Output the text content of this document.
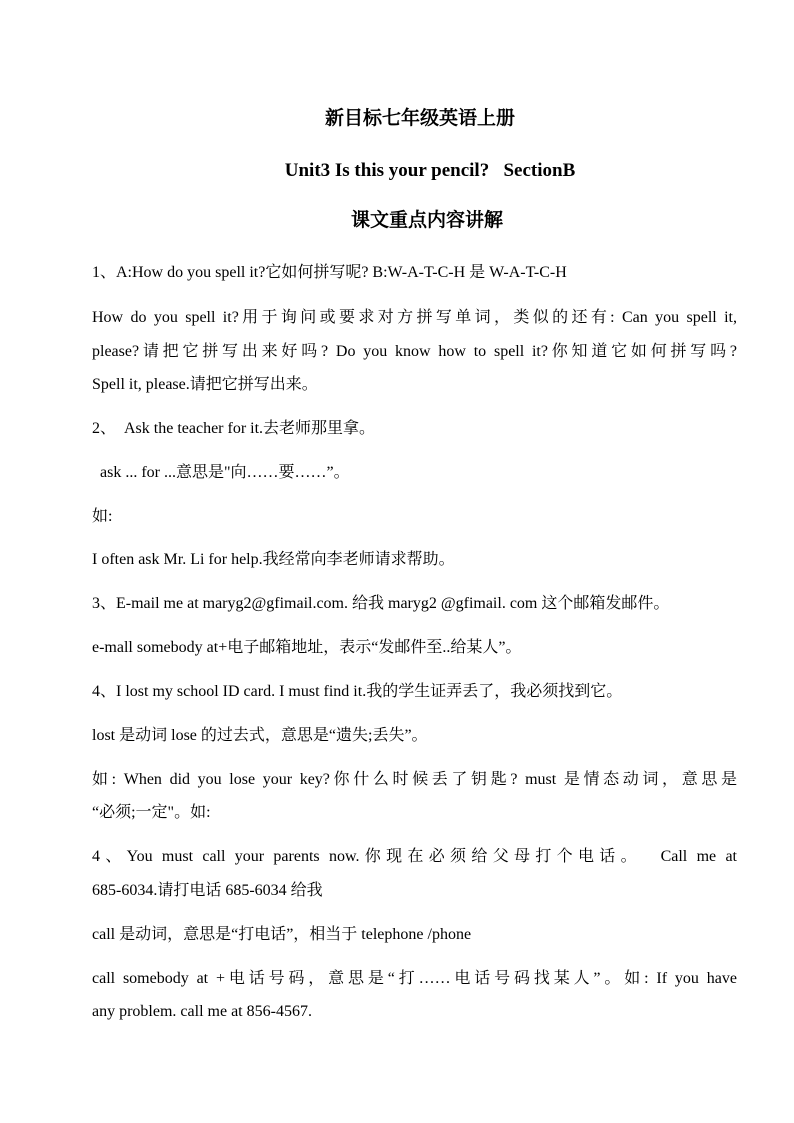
新目标七年级英语上册
Unit3 Is this your pencil?   SectionB
课文重点内容讲解
1、A:How do you spell it?它如何拼写呢? B:W-A-T-C-H 是 W-A-T-C-H
How do you spell it?用于询问或要求对方拼写单词，类似的还有: Can you spell it,
please?请把它拼写出来好吗? Do you know how to spell it?你知道它如何拼写吗?
Spell it, please.请把它拼写出来。
2、  Ask the teacher for it.去老师那里拿。
ask ... for ...意思是"向……要……”。
如:
I often ask Mr. Li for help.我经常向李老师请求帮助。
3、E-mail me at maryg2@gfimail.com. 给我 maryg2 @gfimail. com 这个邮箱发邮件。
e-mall somebody at+电子邮箱地址，表示“发邮件至..给某人”。
4、I lost my school ID card. I must find it.我的学生证弄丢了，我必须找到它。
lost 是动词 lose 的过去式，意思是“遗失;丢失”。
如: When did you lose your key?你什么时候丢了钥匙? must 是情态动词，意思是
“必须;一定"。如:
4、You must call your parents now.你现在必须给父母打个电话。  Call me at
685-6034.请打电话 685-6034 给我
call 是动词，意思是“打电话”，相当于 telephone /phone
call somebody at +电话号码，意思是“打……电话号码找某人”。如: If you have
any problem. call me at 856-4567.
